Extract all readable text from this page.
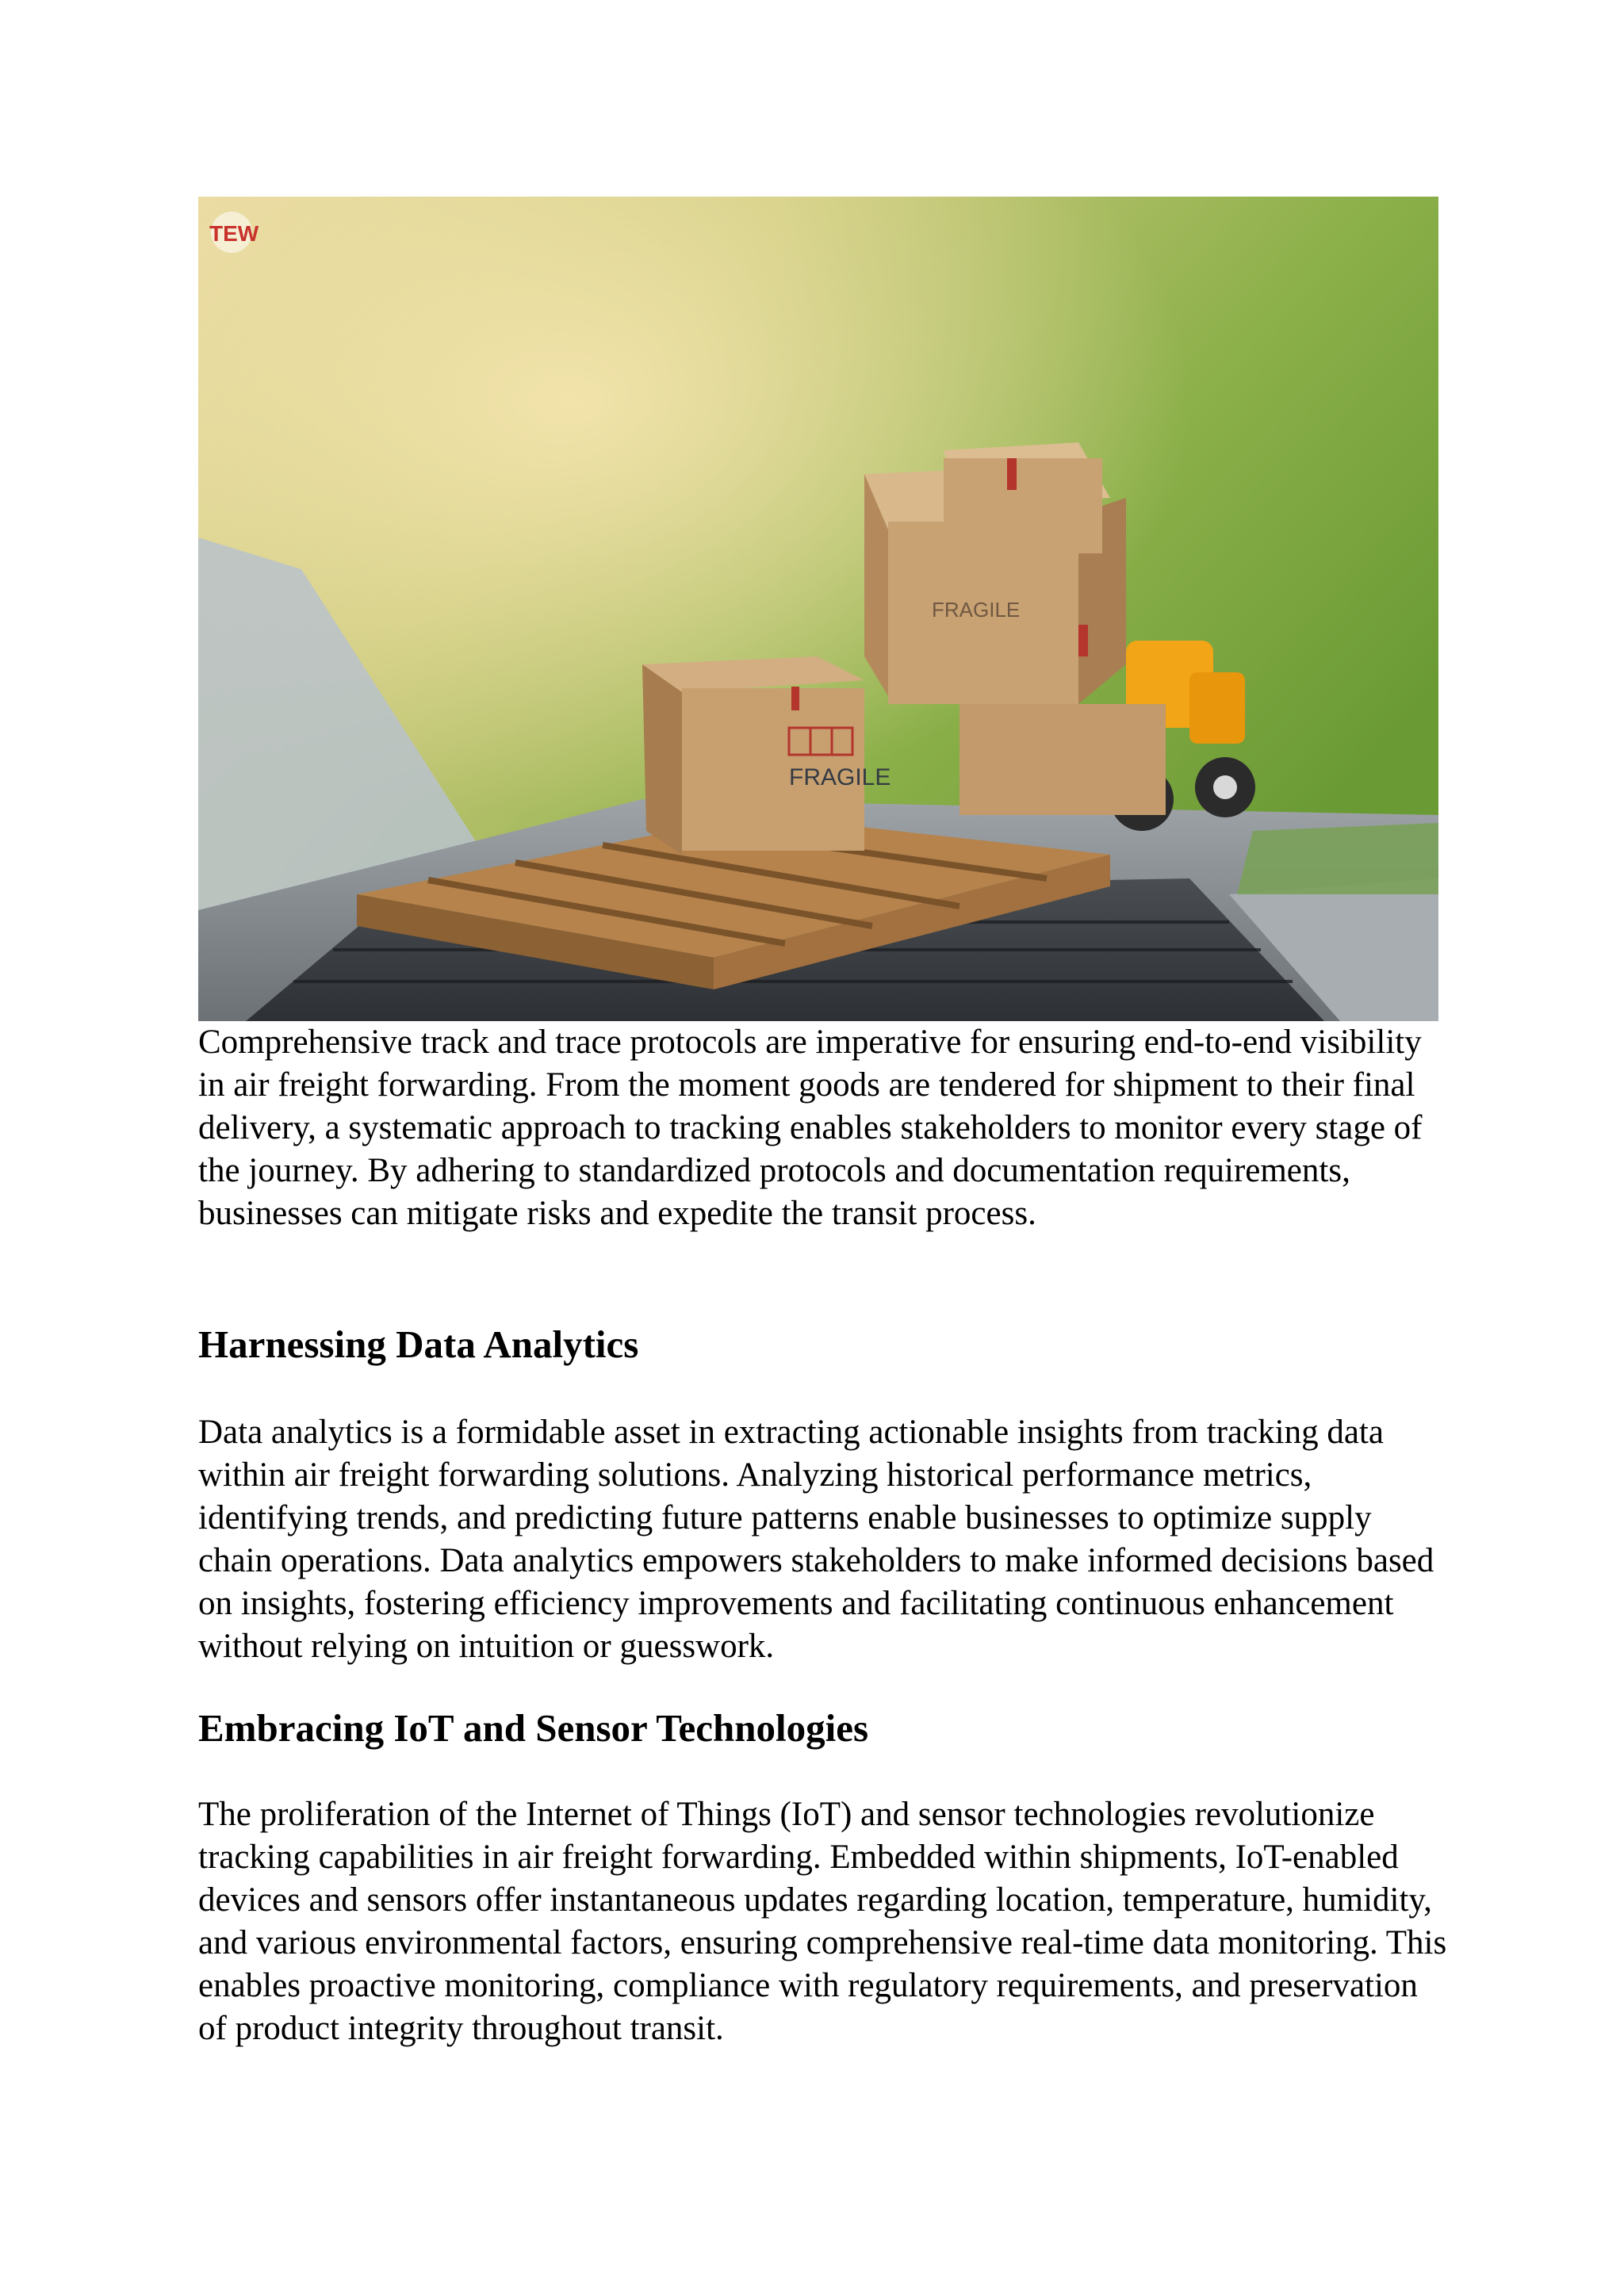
FRAGILE
FRAGILE
TEW

Comprehensive track and trace protocols are imperative for ensuring end-to-end visibility in air freight forwarding. From the moment goods are tendered for shipment to their final delivery, a systematic approach to tracking enables stakeholders to monitor every stage of the journey. By adhering to standardized protocols and documentation requirements, businesses can mitigate risks and expedite the transit process.

Harnessing Data Analytics

Data analytics is a formidable asset in extracting actionable insights from tracking data within air freight forwarding solutions. Analyzing historical performance metrics, identifying trends, and predicting future patterns enable businesses to optimize supply chain operations. Data analytics empowers stakeholders to make informed decisions based on insights, fostering efficiency improvements and facilitating continuous enhancement without relying on intuition or guesswork.

Embracing IoT and Sensor Technologies

The proliferation of the Internet of Things (IoT) and sensor technologies revolutionize tracking capabilities in air freight forwarding. Embedded within shipments, IoT-enabled devices and sensors offer instantaneous updates regarding location, temperature, humidity, and various environmental factors, ensuring comprehensive real-time data monitoring. This enables proactive monitoring, compliance with regulatory requirements, and preservation of product integrity throughout transit.
